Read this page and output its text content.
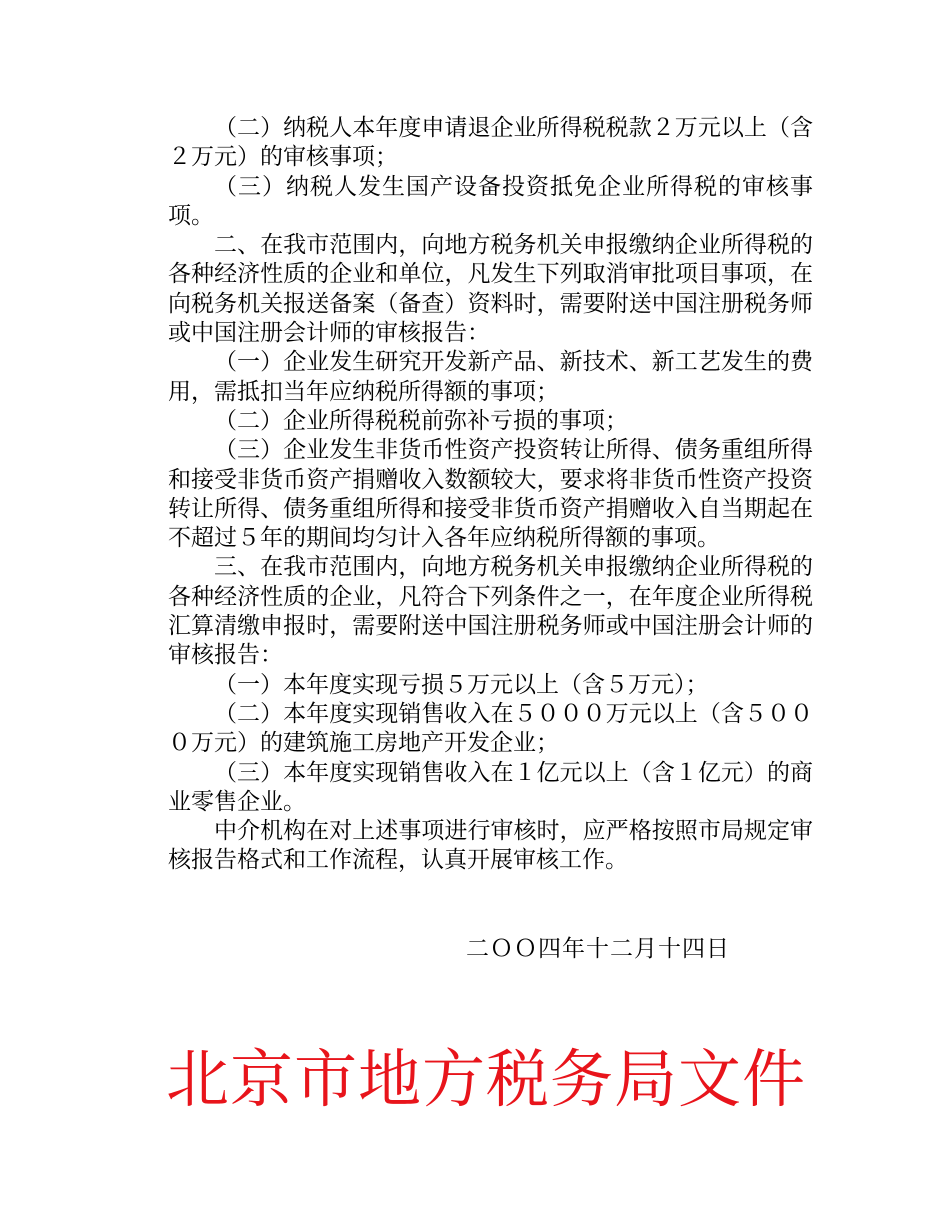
（二）纳税人本年度申请退企业所得税税款２万元以上（含２万元）的审核事项；

（三）纳税人发生国产设备投资抵免企业所得税的审核事项。

二、在我市范围内，向地方税务机关申报缴纳企业所得税的各种经济性质的企业和单位，凡发生下列取消审批项目事项，在向税务机关报送备案（备查）资料时，需要附送中国注册税务师或中国注册会计师的审核报告：

（一）企业发生研究开发新产品、新技术、新工艺发生的费用，需抵扣当年应纳税所得额的事项；

（二）企业所得税税前弥补亏损的事项；

（三）企业发生非货币性资产投资转让所得、债务重组所得和接受非货币资产捐赠收入数额较大，要求将非货币性资产投资转让所得、债务重组所得和接受非货币资产捐赠收入自当期起在不超过５年的期间均匀计入各年应纳税所得额的事项。

三、在我市范围内，向地方税务机关申报缴纳企业所得税的各种经济性质的企业，凡符合下列条件之一，在年度企业所得税汇算清缴申报时，需要附送中国注册税务师或中国注册会计师的审核报告：

（一）本年度实现亏损５万元以上（含５万元）；

（二）本年度实现销售收入在５０００万元以上（含５０００万元）的建筑施工房地产开发企业；

（三）本年度实现销售收入在１亿元以上（含１亿元）的商业零售企业。

中介机构在对上述事项进行审核时，应严格按照市局规定审核报告格式和工作流程，认真开展审核工作。

二ＯＯ四年十二月十四日
北京市地方税务局文件
